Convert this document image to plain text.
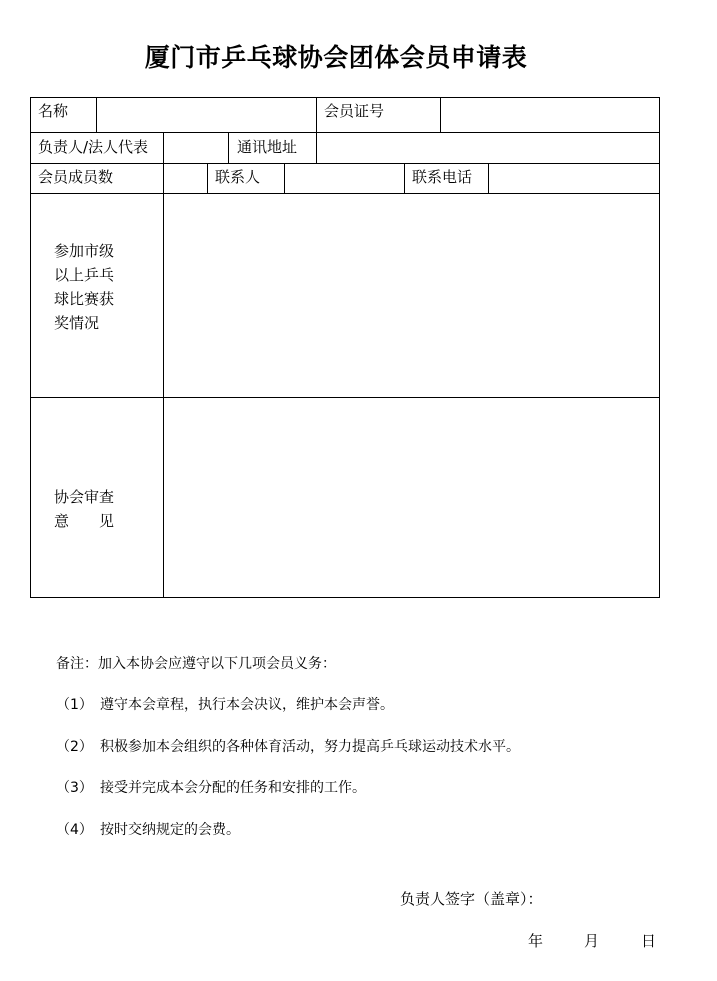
厦门市乒乓球协会团体会员申请表
名称	会员证号
负责人/法人代表	通讯地址
会员成员数	联系人	联系电话
参加市级
以上乒乓
球比赛获
奖情况
协会审查
意　　见
备注：加入本协会应遵守以下几项会员义务：
（1） 遵守本会章程，执行本会决议，维护本会声誉。
（2） 积极参加本会组织的各种体育活动，努力提高乒乓球运动技术水平。
（3） 接受并完成本会分配的任务和安排的工作。
（4） 按时交纳规定的会费。
负责人签字（盖章）：
年	月	日
